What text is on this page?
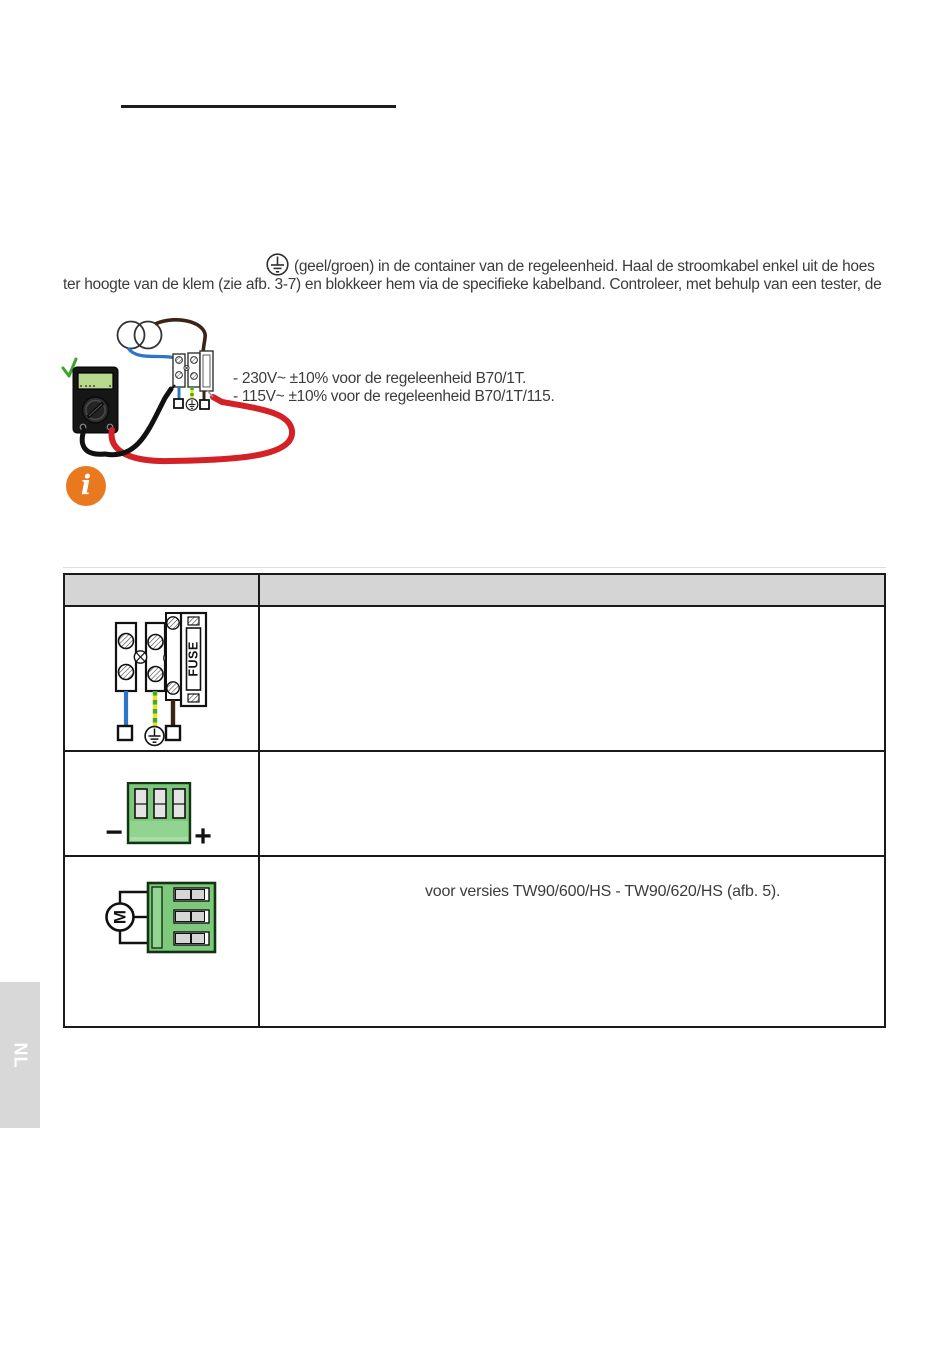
(geel/groen) in de container van de regeleenheid. Haal de stroomkabel enkel uit de hoes
ter hoogte van de klem (zie afb. 3-7) en blokkeer hem via de specifieke kabelband. Controleer, met behulp van een tester, de
- 230V~ ±10% voor de regeleenheid B70/1T.
- 115V~ ±10% voor de regeleenheid B70/1T/115.
i
FUSE
− +
M
voor versies TW90/600/HS - TW90/620/HS (afb. 5).
NL
